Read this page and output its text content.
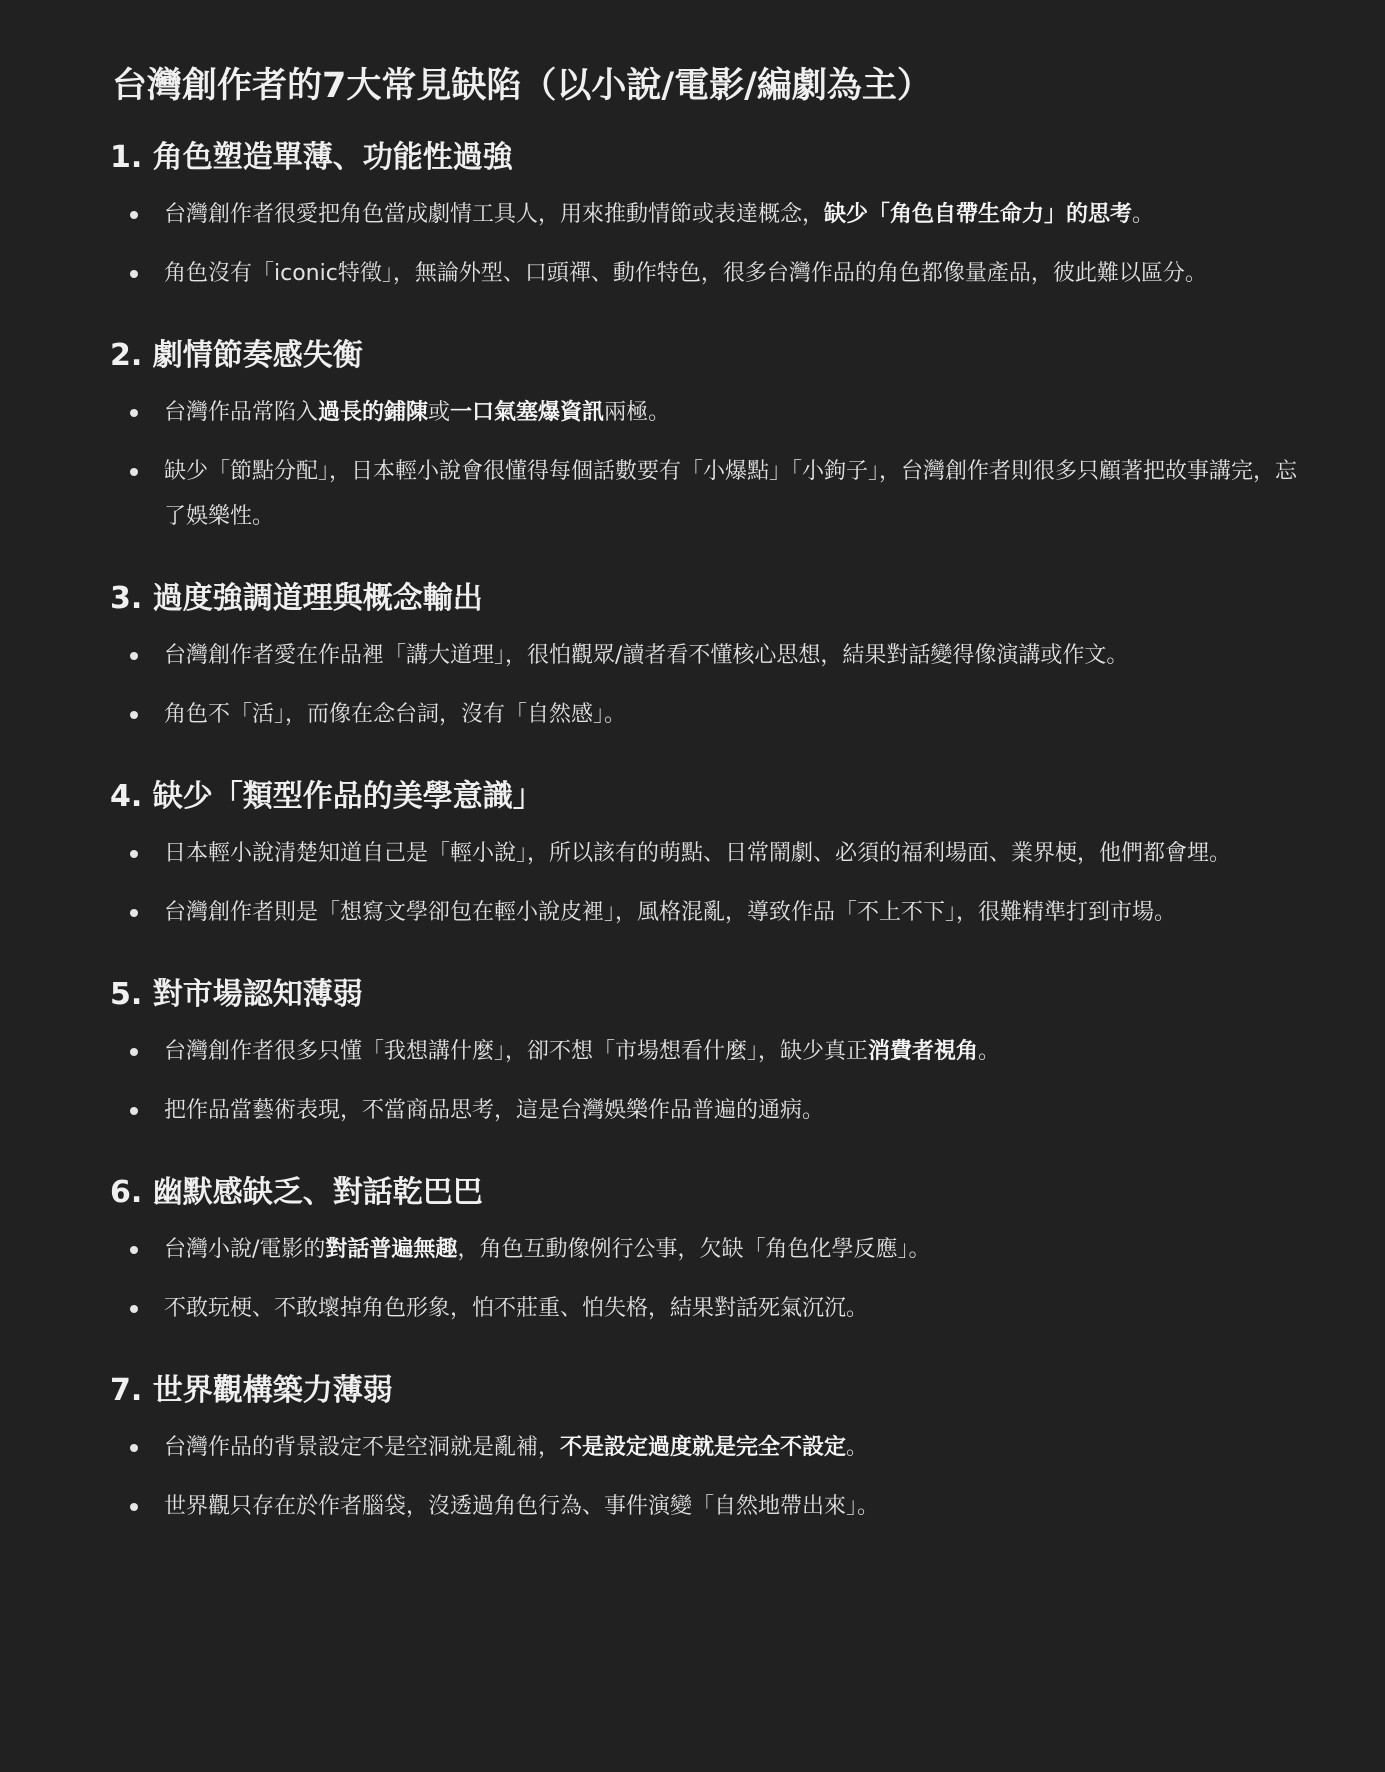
台灣創作者的7大常見缺陷（以小說/電影/編劇為主）
1. 角色塑造單薄、功能性過強
台灣創作者很愛把角色當成劇情工具人，用來推動情節或表達概念，缺少「角色自帶生命力」的思考。
角色沒有「iconic特徵」，無論外型、口頭禪、動作特色，很多台灣作品的角色都像量產品，彼此難以區分。
2. 劇情節奏感失衡
台灣作品常陷入過長的鋪陳或一口氣塞爆資訊兩極。
缺少「節點分配」，日本輕小說會很懂得每個話數要有「小爆點」「小鉤子」，台灣創作者則很多只顧著把故事講完，忘了娛樂性。
3. 過度強調道理與概念輸出
台灣創作者愛在作品裡「講大道理」，很怕觀眾/讀者看不懂核心思想，結果對話變得像演講或作文。
角色不「活」，而像在念台詞，沒有「自然感」。
4. 缺少「類型作品的美學意識」
日本輕小說清楚知道自己是「輕小說」，所以該有的萌點、日常鬧劇、必須的福利場面、業界梗，他們都會埋。
台灣創作者則是「想寫文學卻包在輕小說皮裡」，風格混亂，導致作品「不上不下」，很難精準打到市場。
5. 對市場認知薄弱
台灣創作者很多只懂「我想講什麼」，卻不想「市場想看什麼」，缺少真正消費者視角。
把作品當藝術表現，不當商品思考，這是台灣娛樂作品普遍的通病。
6. 幽默感缺乏、對話乾巴巴
台灣小說/電影的對話普遍無趣，角色互動像例行公事，欠缺「角色化學反應」。
不敢玩梗、不敢壞掉角色形象，怕不莊重、怕失格，結果對話死氣沉沉。
7. 世界觀構築力薄弱
台灣作品的背景設定不是空洞就是亂補，不是設定過度就是完全不設定。
世界觀只存在於作者腦袋，沒透過角色行為、事件演變「自然地帶出來」。
